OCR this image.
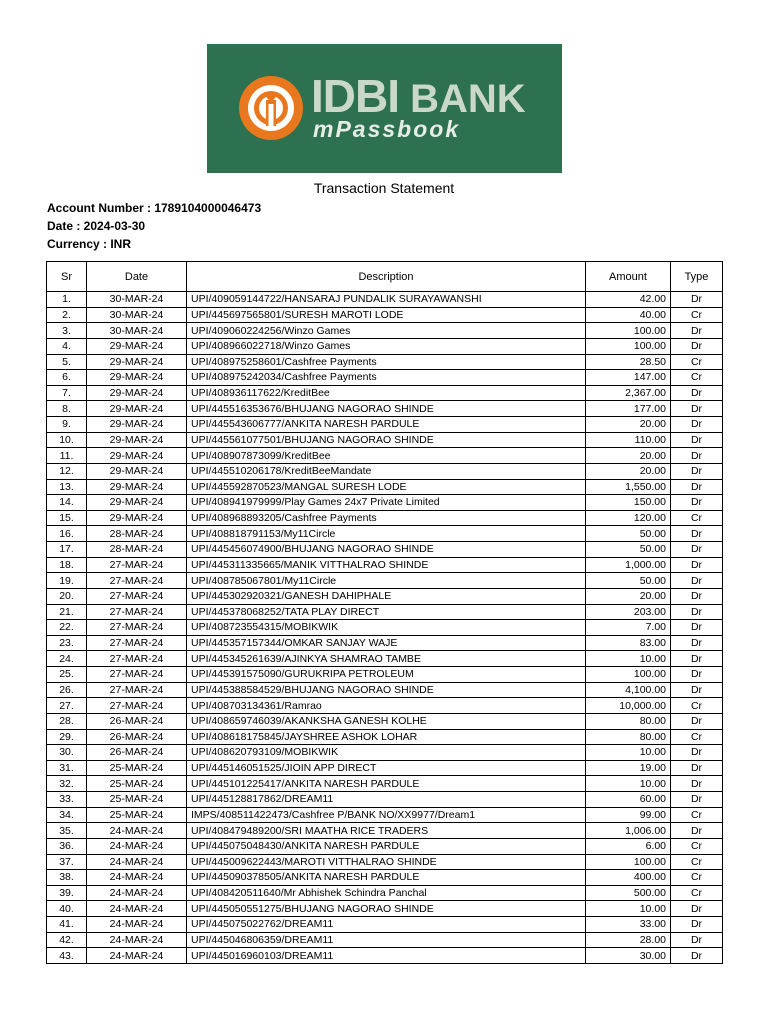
IDBI BANK
mPassbook
Transaction Statement
Account Number : 1789104000046473
Date : 2024-03-30
Currency : INR
Sr	Date	Description	Amount	Type
1.	30-MAR-24	UPI/409059144722/HANSARAJ PUNDALIK SURAYAWANSHI	42.00	Dr
2.	30-MAR-24	UPI/445697565801/SURESH MAROTI LODE	40.00	Cr
3.	30-MAR-24	UPI/409060224256/Winzo Games	100.00	Dr
4.	29-MAR-24	UPI/408966022718/Winzo Games	100.00	Dr
5.	29-MAR-24	UPI/408975258601/Cashfree Payments	28.50	Cr
6.	29-MAR-24	UPI/408975242034/Cashfree Payments	147.00	Cr
7.	29-MAR-24	UPI/408936117622/KreditBee	2,367.00	Dr
8.	29-MAR-24	UPI/445516353676/BHUJANG NAGORAO SHINDE	177.00	Dr
9.	29-MAR-24	UPI/445543606777/ANKITA NARESH PARDULE	20.00	Dr
10.	29-MAR-24	UPI/445561077501/BHUJANG NAGORAO SHINDE	110.00	Dr
11.	29-MAR-24	UPI/408907873099/KreditBee	20.00	Dr
12.	29-MAR-24	UPI/445510206178/KreditBeeMandate	20.00	Dr
13.	29-MAR-24	UPI/445592870523/MANGAL SURESH LODE	1,550.00	Dr
14.	29-MAR-24	UPI/408941979999/Play Games 24x7 Private Limited	150.00	Dr
15.	29-MAR-24	UPI/408968893205/Cashfree Payments	120.00	Cr
16.	28-MAR-24	UPI/408818791153/My11Circle	50.00	Dr
17.	28-MAR-24	UPI/445456074900/BHUJANG NAGORAO SHINDE	50.00	Dr
18.	27-MAR-24	UPI/445311335665/MANIK VITTHALRAO SHINDE	1,000.00	Dr
19.	27-MAR-24	UPI/408785067801/My11Circle	50.00	Dr
20.	27-MAR-24	UPI/445302920321/GANESH DAHIPHALE	20.00	Dr
21.	27-MAR-24	UPI/445378068252/TATA PLAY DIRECT	203.00	Dr
22.	27-MAR-24	UPI/408723554315/MOBIKWIK	7.00	Dr
23.	27-MAR-24	UPI/445357157344/OMKAR SANJAY WAJE	83.00	Dr
24.	27-MAR-24	UPI/445345261639/AJINKYA SHAMRAO TAMBE	10.00	Dr
25.	27-MAR-24	UPI/445391575090/GURUKRIPA PETROLEUM	100.00	Dr
26.	27-MAR-24	UPI/445388584529/BHUJANG NAGORAO SHINDE	4,100.00	Dr
27.	27-MAR-24	UPI/408703134361/Ramrao	10,000.00	Cr
28.	26-MAR-24	UPI/408659746039/AKANKSHA GANESH KOLHE	80.00	Dr
29.	26-MAR-24	UPI/408618175845/JAYSHREE ASHOK LOHAR	80.00	Cr
30.	26-MAR-24	UPI/408620793109/MOBIKWIK	10.00	Dr
31.	25-MAR-24	UPI/445146051525/JIOIN APP DIRECT	19.00	Dr
32.	25-MAR-24	UPI/445101225417/ANKITA NARESH PARDULE	10.00	Dr
33.	25-MAR-24	UPI/445128817862/DREAM11	60.00	Dr
34.	25-MAR-24	IMPS/408511422473/Cashfree P/BANK NO/XX9977/Dream1	99.00	Cr
35.	24-MAR-24	UPI/408479489200/SRI MAATHA RICE TRADERS	1,006.00	Dr
36.	24-MAR-24	UPI/445075048430/ANKITA NARESH PARDULE	6.00	Cr
37.	24-MAR-24	UPI/445009622443/MAROTI VITTHALRAO SHINDE	100.00	Cr
38.	24-MAR-24	UPI/445090378505/ANKITA NARESH PARDULE	400.00	Cr
39.	24-MAR-24	UPI/408420511640/Mr Abhishek Schindra Panchal	500.00	Cr
40.	24-MAR-24	UPI/445050551275/BHUJANG NAGORAO SHINDE	10.00	Dr
41.	24-MAR-24	UPI/445075022762/DREAM11	33.00	Dr
42.	24-MAR-24	UPI/445046806359/DREAM11	28.00	Dr
43.	24-MAR-24	UPI/445016960103/DREAM11	30.00	Dr
